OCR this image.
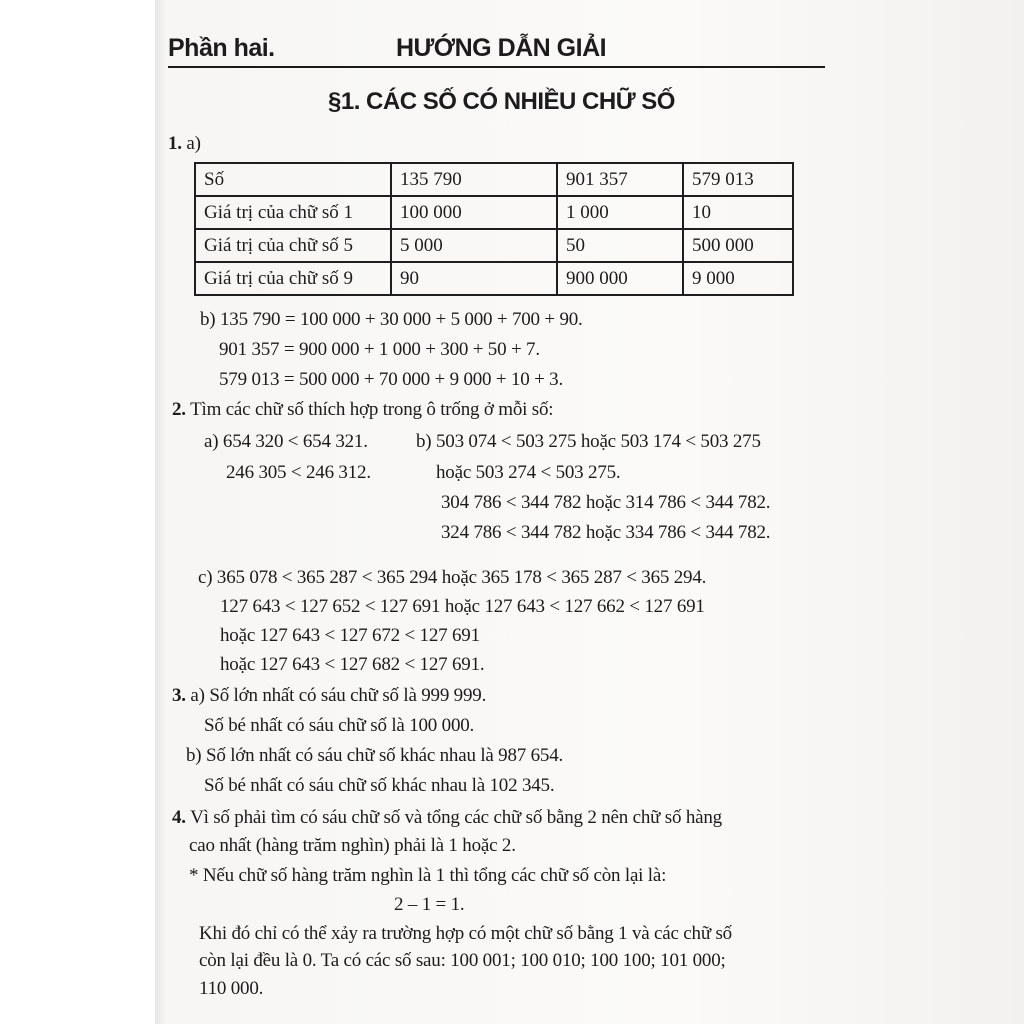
Phần hai.	HƯỚNG DẪN GIẢI
§1. CÁC SỐ CÓ NHIỀU CHỮ SỐ
1. a)
Số	135 790	901 357	579 013
Giá trị của chữ số 1	100 000	1 000	10
Giá trị của chữ số 5	5 000	50	500 000
Giá trị của chữ số 9	90	900 000	9 000
b) 135 790 = 100 000 + 30 000 + 5 000 + 700 + 90.
901 357 = 900 000 + 1 000 + 300 + 50 + 7.
579 013 = 500 000 + 70 000 + 9 000 + 10 + 3.
2. Tìm các chữ số thích hợp trong ô trống ở mỗi số:
a) 654 320 < 654 321.
246 305 < 246 312.
b) 503 074 < 503 275 hoặc 503 174 < 503 275
hoặc 503 274 < 503 275.
304 786 < 344 782 hoặc 314 786 < 344 782.
324 786 < 344 782 hoặc 334 786 < 344 782.
c) 365 078 < 365 287 < 365 294 hoặc 365 178 < 365 287 < 365 294.
127 643 < 127 652 < 127 691 hoặc 127 643 < 127 662 < 127 691
hoặc 127 643 < 127 672 < 127 691
hoặc 127 643 < 127 682 < 127 691.
3. a) Số lớn nhất có sáu chữ số là 999 999.
Số bé nhất có sáu chữ số là 100 000.
b) Số lớn nhất có sáu chữ số khác nhau là 987 654.
Số bé nhất có sáu chữ số khác nhau là 102 345.
4. Vì số phải tìm có sáu chữ số và tổng các chữ số bằng 2 nên chữ số hàng
cao nhất (hàng trăm nghìn) phải là 1 hoặc 2.
* Nếu chữ số hàng trăm nghìn là 1 thì tổng các chữ số còn lại là:
2 – 1 = 1.
Khi đó chỉ có thể xảy ra trường hợp có một chữ số bằng 1 và các chữ số
còn lại đều là 0. Ta có các số sau: 100 001; 100 010; 100 100; 101 000;
110 000.
